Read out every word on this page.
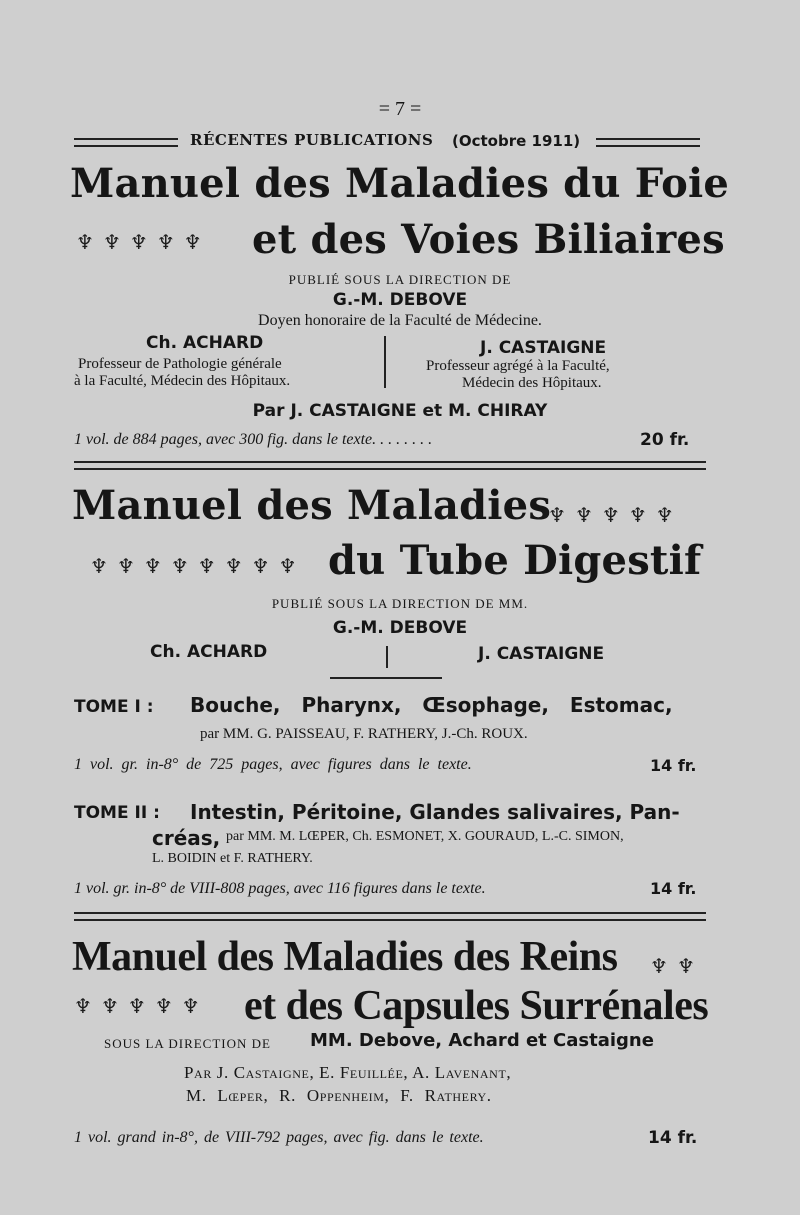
= 7 =
RÉCENTES PUBLICATIONS (Octobre 1911)
Manuel des Maladies du Foie
♆♆♆♆♆ et des Voies Biliaires
PUBLIÉ SOUS LA DIRECTION DE
G.-M. DEBOVE
Doyen honoraire de la Faculté de Médecine.
Ch. ACHARD
Professeur de Pathologie générale
à la Faculté, Médecin des Hôpitaux.
J. CASTAIGNE
Professeur agrégé à la Faculté,
Médecin des Hôpitaux.
Par J. CASTAIGNE et M. CHIRAY
1 vol. de 884 pages, avec 300 fig. dans le texte. . . . . . . .	20 fr.
Manuel des Maladies
♆♆♆♆♆
♆♆♆♆♆♆♆♆ du Tube Digestif
PUBLIÉ SOUS LA DIRECTION DE MM.
G.-M. DEBOVE
Ch. ACHARD	J. CASTAIGNE
TOME I : Bouche, Pharynx, Œsophage, Estomac,
par MM. G. PAISSEAU, F. RATHERY, J.-Ch. ROUX.
1 vol. gr. in-8° de 725 pages, avec figures dans le texte.	14 fr.
TOME II : Intestin, Péritoine, Glandes salivaires, Pan-
créas, par MM. M. LŒPER, Ch. ESMONET, X. GOURAUD, L.-C. SIMON,
L. BOIDIN et F. RATHERY.
1 vol. gr. in-8° de VIII-808 pages, avec 116 figures dans le texte.	14 fr.
Manuel des Maladies des Reins ♆♆
♆♆♆♆♆ et des Capsules Surrénales
SOUS LA DIRECTION DE MM. Debove, Achard et Castaigne
Par J. Castaigne, E. Feuillée, A. Lavenant,
M. Lœper, R. Oppenheim, F. Rathery.
1 vol. grand in-8°, de VIII-792 pages, avec fig. dans le texte.	14 fr.
